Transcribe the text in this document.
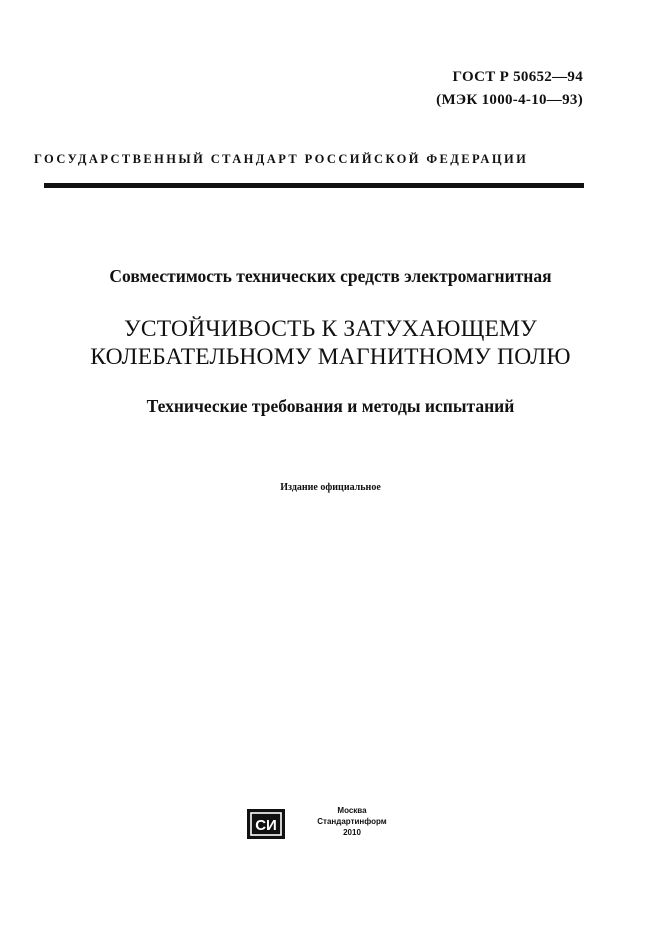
ГОСТ Р 50652—94
(МЭК 1000-4-10—93)
ГОСУДАРСТВЕННЫЙ СТАНДАРТ РОССИЙСКОЙ ФЕДЕРАЦИИ
Совместимость технических средств электромагнитная
УСТОЙЧИВОСТЬ К ЗАТУХАЮЩЕМУ
КОЛЕБАТЕЛЬНОМУ МАГНИТНОМУ ПОЛЮ
Технические требования и методы испытаний
Издание официальное
СИ
Москва
Стандартинформ
2010
